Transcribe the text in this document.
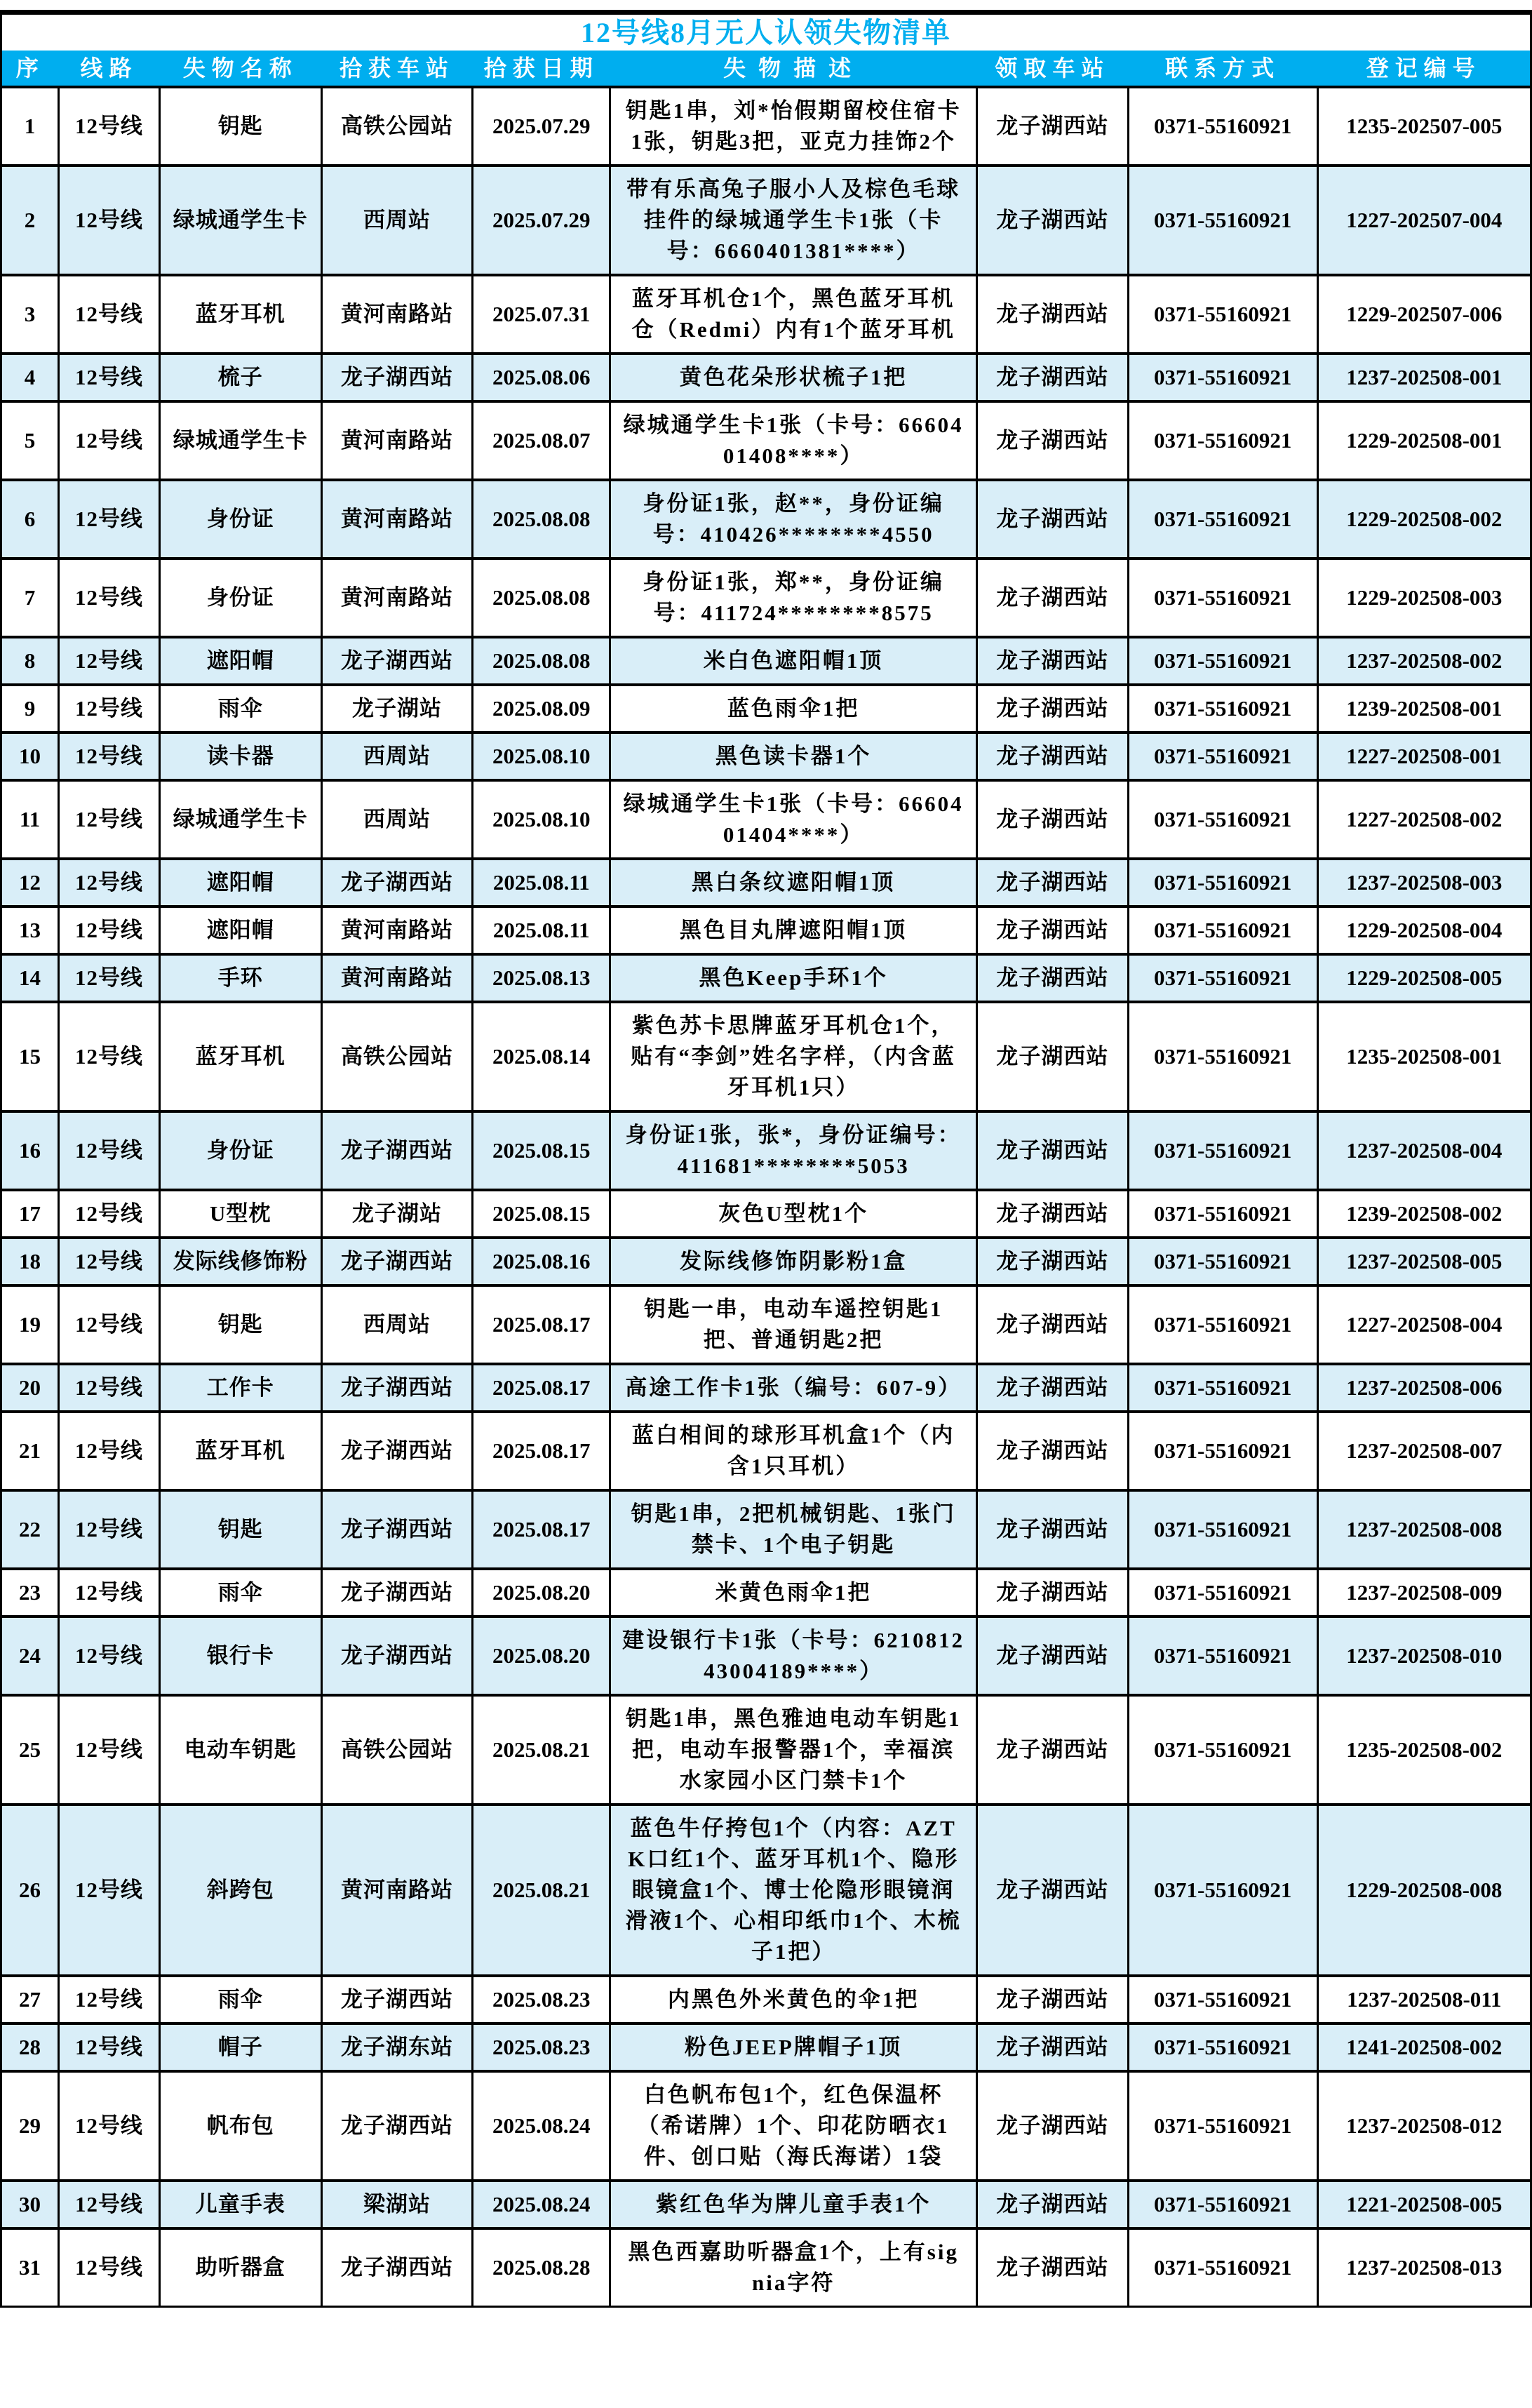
12号线8月无人认领失物清单
序	线路	失物名称	拾获车站	拾获日期	失物描述	领取车站	联系方式	登记编号
1	12号线	钥匙	高铁公园站	2025.07.29	钥匙1串，刘*怡假期留校住宿卡1张，钥匙3把，亚克力挂饰2个	龙子湖西站	0371-55160921	1235-202507-005
2	12号线	绿城通学生卡	西周站	2025.07.29	带有乐高兔子服小人及棕色毛球挂件的绿城通学生卡1张（卡号：6660401381****）	龙子湖西站	0371-55160921	1227-202507-004
3	12号线	蓝牙耳机	黄河南路站	2025.07.31	蓝牙耳机仓1个，黑色蓝牙耳机仓（Redmi）内有1个蓝牙耳机	龙子湖西站	0371-55160921	1229-202507-006
4	12号线	梳子	龙子湖西站	2025.08.06	黄色花朵形状梳子1把	龙子湖西站	0371-55160921	1237-202508-001
5	12号线	绿城通学生卡	黄河南路站	2025.08.07	绿城通学生卡1张（卡号：6660401408****）	龙子湖西站	0371-55160921	1229-202508-001
6	12号线	身份证	黄河南路站	2025.08.08	身份证1张，赵**，身份证编号：410426********4550	龙子湖西站	0371-55160921	1229-202508-002
7	12号线	身份证	黄河南路站	2025.08.08	身份证1张，郑**，身份证编号：411724********8575	龙子湖西站	0371-55160921	1229-202508-003
8	12号线	遮阳帽	龙子湖西站	2025.08.08	米白色遮阳帽1顶	龙子湖西站	0371-55160921	1237-202508-002
9	12号线	雨伞	龙子湖站	2025.08.09	蓝色雨伞1把	龙子湖西站	0371-55160921	1239-202508-001
10	12号线	读卡器	西周站	2025.08.10	黑色读卡器1个	龙子湖西站	0371-55160921	1227-202508-001
11	12号线	绿城通学生卡	西周站	2025.08.10	绿城通学生卡1张（卡号：6660401404****）	龙子湖西站	0371-55160921	1227-202508-002
12	12号线	遮阳帽	龙子湖西站	2025.08.11	黑白条纹遮阳帽1顶	龙子湖西站	0371-55160921	1237-202508-003
13	12号线	遮阳帽	黄河南路站	2025.08.11	黑色目丸牌遮阳帽1顶	龙子湖西站	0371-55160921	1229-202508-004
14	12号线	手环	黄河南路站	2025.08.13	黑色Keep手环1个	龙子湖西站	0371-55160921	1229-202508-005
15	12号线	蓝牙耳机	高铁公园站	2025.08.14	紫色苏卡思牌蓝牙耳机仓1个，贴有“李剑”姓名字样，（内含蓝牙耳机1只）	龙子湖西站	0371-55160921	1235-202508-001
16	12号线	身份证	龙子湖西站	2025.08.15	身份证1张，张*，身份证编号：411681********5053	龙子湖西站	0371-55160921	1237-202508-004
17	12号线	U型枕	龙子湖站	2025.08.15	灰色U型枕1个	龙子湖西站	0371-55160921	1239-202508-002
18	12号线	发际线修饰粉	龙子湖西站	2025.08.16	发际线修饰阴影粉1盒	龙子湖西站	0371-55160921	1237-202508-005
19	12号线	钥匙	西周站	2025.08.17	钥匙一串，电动车遥控钥匙1把、普通钥匙2把	龙子湖西站	0371-55160921	1227-202508-004
20	12号线	工作卡	龙子湖西站	2025.08.17	高途工作卡1张（编号：607-9）	龙子湖西站	0371-55160921	1237-202508-006
21	12号线	蓝牙耳机	龙子湖西站	2025.08.17	蓝白相间的球形耳机盒1个（内含1只耳机）	龙子湖西站	0371-55160921	1237-202508-007
22	12号线	钥匙	龙子湖西站	2025.08.17	钥匙1串，2把机械钥匙、1张门禁卡、1个电子钥匙	龙子湖西站	0371-55160921	1237-202508-008
23	12号线	雨伞	龙子湖西站	2025.08.20	米黄色雨伞1把	龙子湖西站	0371-55160921	1237-202508-009
24	12号线	银行卡	龙子湖西站	2025.08.20	建设银行卡1张（卡号：621081243004189****）	龙子湖西站	0371-55160921	1237-202508-010
25	12号线	电动车钥匙	高铁公园站	2025.08.21	钥匙1串，黑色雅迪电动车钥匙1把，电动车报警器1个，幸福滨水家园小区门禁卡1个	龙子湖西站	0371-55160921	1235-202508-002
26	12号线	斜跨包	黄河南路站	2025.08.21	蓝色牛仔挎包1个（内容：AZTK口红1个、蓝牙耳机1个、隐形眼镜盒1个、博士伦隐形眼镜润滑液1个、心相印纸巾1个、木梳子1把）	龙子湖西站	0371-55160921	1229-202508-008
27	12号线	雨伞	龙子湖西站	2025.08.23	内黑色外米黄色的伞1把	龙子湖西站	0371-55160921	1237-202508-011
28	12号线	帽子	龙子湖东站	2025.08.23	粉色JEEP牌帽子1顶	龙子湖西站	0371-55160921	1241-202508-002
29	12号线	帆布包	龙子湖西站	2025.08.24	白色帆布包1个，红色保温杯（希诺牌）1个、印花防晒衣1件、创口贴（海氏海诺）1袋	龙子湖西站	0371-55160921	1237-202508-012
30	12号线	儿童手表	梁湖站	2025.08.24	紫红色华为牌儿童手表1个	龙子湖西站	0371-55160921	1221-202508-005
31	12号线	助听器盒	龙子湖西站	2025.08.28	黑色西嘉助听器盒1个，上有signia字符	龙子湖西站	0371-55160921	1237-202508-013
